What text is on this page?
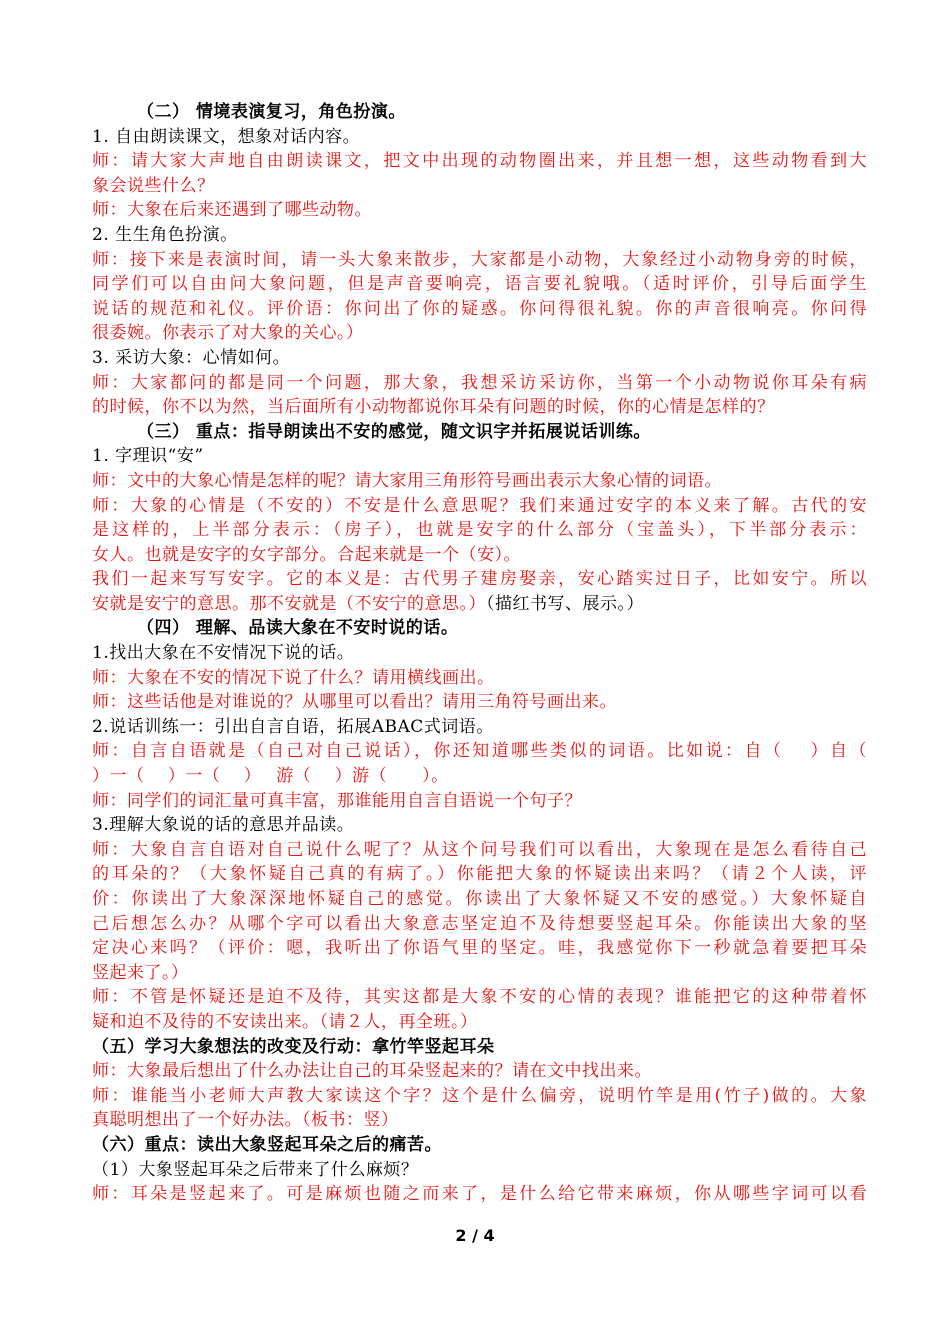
（二） 情境表演复习，角色扮演。
1. 自由朗读课文，想象对话内容。
师：请大家大声地自由朗读课文，把文中出现的动物圈出来，并且想一想，这些动物看到大
象会说些什么？
师：大象在后来还遇到了哪些动物。
2. 生生角色扮演。
师：接下来是表演时间，请一头大象来散步，大家都是小动物，大象经过小动物身旁的时候，
同学们可以自由问大象问题，但是声音要响亮，语言要礼貌哦。（适时评价，引导后面学生
说话的规范和礼仪。评价语：你问出了你的疑惑。你问得很礼貌。你的声音很响亮。你问得
很委婉。你表示了对大象的关心。）
3. 采访大象：心情如何。
师：大家都问的都是同一个问题，那大象，我想采访采访你，当第一个小动物说你耳朵有病
的时候，你不以为然，当后面所有小动物都说你耳朵有问题的时候，你的心情是怎样的？
（三） 重点：指导朗读出不安的感觉，随文识字并拓展说话训练。
1. 字理识“安”
师：文中的大象心情是怎样的呢？请大家用三角形符号画出表示大象心情的词语。
师：大象的心情是（不安的）不安是什么意思呢？我们来通过安字的本义来了解。古代的安
是这样的，上半部分表示：（房子），也就是安字的什么部分（宝盖头），下半部分表示：
女人。也就是安字的女字部分。合起来就是一个（安）。
我们一起来写写安字。它的本义是：古代男子建房娶亲，安心踏实过日子，比如安宁。所以
安就是安宁的意思。那不安就是（不安宁的意思。）（描红书写、展示。）
（四） 理解、品读大象在不安时说的话。
1.找出大象在不安情况下说的话。
师：大象在不安的情况下说了什么？请用横线画出。
师：这些话他是对谁说的？从哪里可以看出？请用三角符号画出来。
2.说话训练一：引出自言自语，拓展ABAC式词语。
师：自言自语就是（自己对自己说话），你还知道哪些类似的词语。比如说：自（　 ）自（
）一（　 ）一（　 ）　 游（　 ）游（　　）。
师：同学们的词汇量可真丰富，那谁能用自言自语说一个句子？
3.理解大象说的话的意思并品读。
师：大象自言自语对自己说什么呢了？从这个问号我们可以看出，大象现在是怎么看待自己
的耳朵的？（大象怀疑自己真的有病了。）你能把大象的怀疑读出来吗？（请２个人读，评
价：你读出了大象深深地怀疑自己的感觉。你读出了大象怀疑又不安的感觉。）大象怀疑自
己后想怎么办？从哪个字可以看出大象意志坚定迫不及待想要竖起耳朵。你能读出大象的坚
定决心来吗？（评价：嗯，我听出了你语气里的坚定。哇，我感觉你下一秒就急着要把耳朵
竖起来了。）
师：不管是怀疑还是迫不及待，其实这都是大象不安的心情的表现？谁能把它的这种带着怀
疑和迫不及待的不安读出来。（请２人，再全班。）
（五）学习大象想法的改变及行动：拿竹竿竖起耳朵
师：大象最后想出了什么办法让自己的耳朵竖起来的？请在文中找出来。
师：谁能当小老师大声教大家读这个字？这个是什么偏旁，说明竹竿是用(竹子)做的。大象
真聪明想出了一个好办法。（板书：竖）
（六）重点：读出大象竖起耳朵之后的痛苦。
（1）大象竖起耳朵之后带来了什么麻烦？
师：耳朵是竖起来了。可是麻烦也随之而来了，是什么给它带来麻烦，你从哪些字词可以看
2 / 4
